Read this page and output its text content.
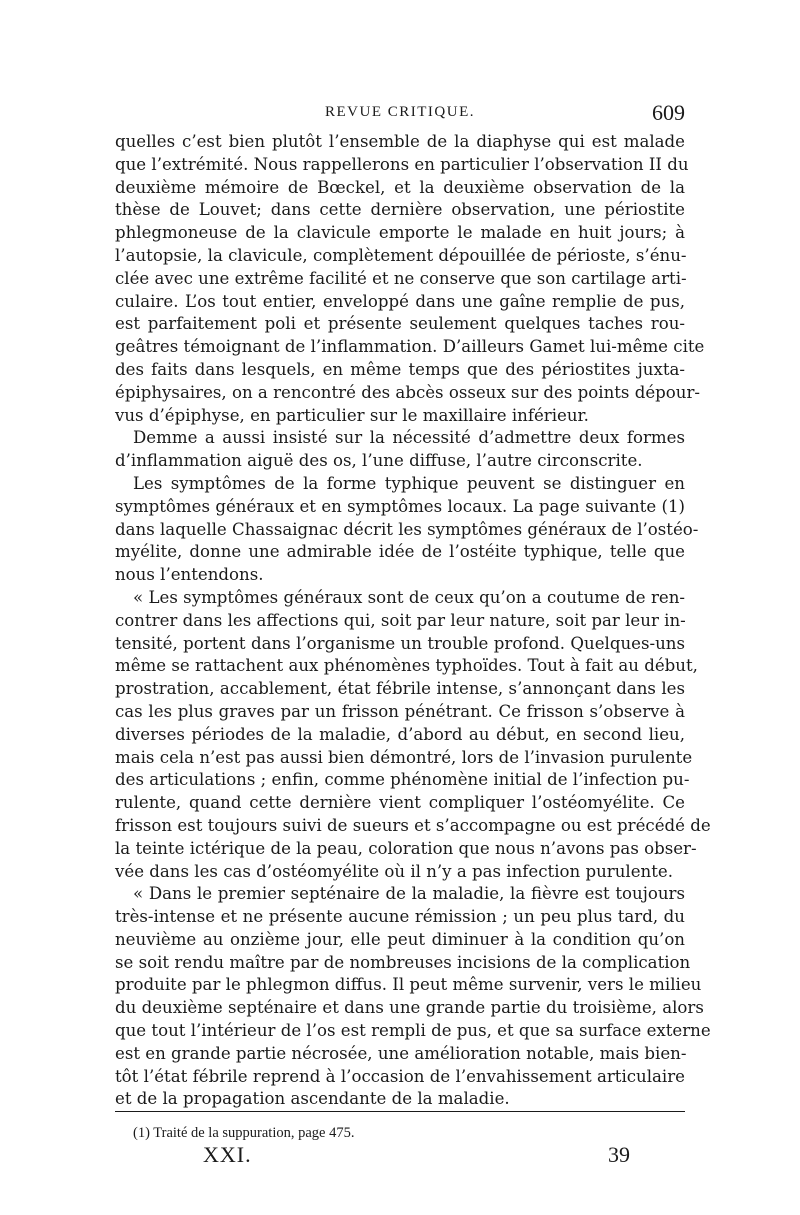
REVUE CRITIQUE.	609
quelles c’est bien plutôt l’ensemble de la diaphyse qui est malade
que l’extrémité. Nous rappellerons en particulier l’observation II du
deuxième mémoire de Bœckel, et la deuxième observation de la
thèse de Louvet; dans cette dernière observation, une périostite
phlegmoneuse de la clavicule emporte le malade en huit jours; à
l’autopsie, la clavicule, complètement dépouillée de périoste, s’énu-
clée avec une extrême facilité et ne conserve que son cartilage arti-
culaire. L’os tout entier, enveloppé dans une gaîne remplie de pus,
est parfaitement poli et présente seulement quelques taches rou-
geâtres témoignant de l’inflammation. D’ailleurs Gamet lui-même cite
des faits dans lesquels, en même temps que des périostites juxta-
épiphysaires, on a rencontré des abcès osseux sur des points dépour-
vus d’épiphyse, en particulier sur le maxillaire inférieur.
Demme a aussi insisté sur la nécessité d’admettre deux formes
d’inflammation aiguë des os, l’une diffuse, l’autre circonscrite.
Les symptômes de la forme typhique peuvent se distinguer en
symptômes généraux et en symptômes locaux. La page suivante (1)
dans laquelle Chassaignac décrit les symptômes généraux de l’ostéo-
myélite, donne une admirable idée de l’ostéite typhique, telle que
nous l’entendons.
« Les symptômes généraux sont de ceux qu’on a coutume de ren-
contrer dans les affections qui, soit par leur nature, soit par leur in-
tensité, portent dans l’organisme un trouble profond. Quelques-uns
même se rattachent aux phénomènes typhoïdes. Tout à fait au début,
prostration, accablement, état fébrile intense, s’annonçant dans les
cas les plus graves par un frisson pénétrant. Ce frisson s’observe à
diverses périodes de la maladie, d’abord au début, en second lieu,
mais cela n’est pas aussi bien démontré, lors de l’invasion purulente
des articulations ; enfin, comme phénomène initial de l’infection pu-
rulente, quand cette dernière vient compliquer l’ostéomyélite. Ce
frisson est toujours suivi de sueurs et s’accompagne ou est précédé de
la teinte ictérique de la peau, coloration que nous n’avons pas obser-
vée dans les cas d’ostéomyélite où il n’y a pas infection purulente.
« Dans le premier septénaire de la maladie, la fièvre est toujours
très-intense et ne présente aucune rémission ; un peu plus tard, du
neuvième au onzième jour, elle peut diminuer à la condition qu’on
se soit rendu maître par de nombreuses incisions de la complication
produite par le phlegmon diffus. Il peut même survenir, vers le milieu
du deuxième septénaire et dans une grande partie du troisième, alors
que tout l’intérieur de l’os est rempli de pus, et que sa surface externe
est en grande partie nécrosée, une amélioration notable, mais bien-
tôt l’état fébrile reprend à l’occasion de l’envahissement articulaire
et de la propagation ascendante de la maladie.
(1) Traité de la suppuration, page 475.
XXI.	39
